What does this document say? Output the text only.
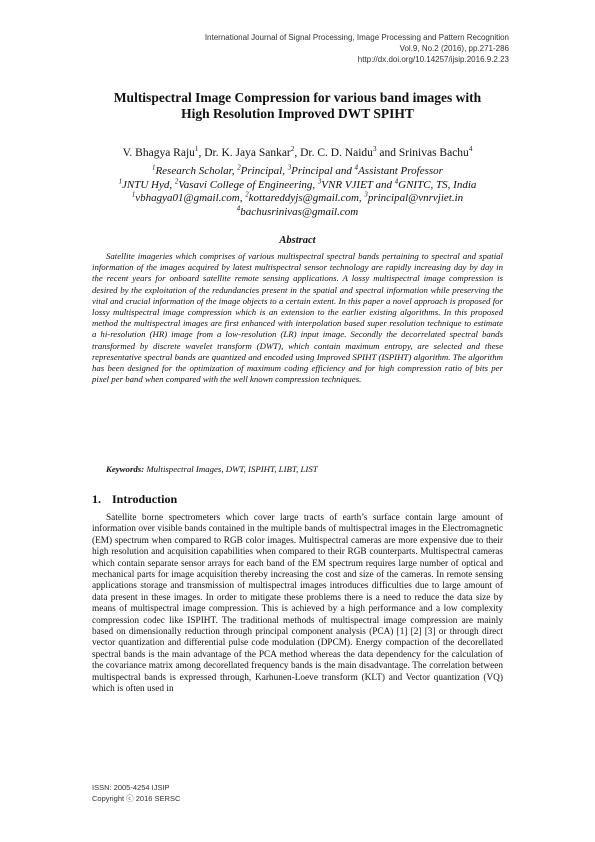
International Journal of Signal Processing, Image Processing and Pattern Recognition
Vol.9, No.2 (2016), pp.271-286
http://dx.doi.org/10.14257/ijsip.2016.9.2.23
Multispectral Image Compression for various band images with
High Resolution Improved DWT SPIHT
V. Bhagya Raju$^1$, Dr. K. Jaya Sankar$^2$, Dr. C. D. Naidu$^3$ and Srinivas Bachu$^4$
$^1$Research Scholar, $^2$Principal, $^3$Principal and $^4$Assistant Professor
$^1$JNTU Hyd, $^2$Vasavi College of Engineering, $^3$VNR VJIET and $^4$GNITC, TS, India
$^1$vbhagya01@gmail.com, $^2$kottareddyjs@gmail.com, $^3$principal@vnrvjiet.in
$^4$bachusrinivas@gmail.com
Abstract
Satellite imageries which comprises of various multispectral spectral bands pertaining to spectral and spatial information of the images acquired by latest multispectral sensor technology are rapidly increasing day by day in the recent years for onboard satellite remote sensing applications. A lossy multispectral image compression is desired by the exploitation of the redundancies present in the spatial and spectral information while preserving the vital and crucial information of the image objects to a certain extent. In this paper a novel approach is proposed for lossy multispectral image compression which is an extension to the earlier existing algorithms. In this proposed method the multispectral images are first enhanced with interpolation based super resolution technique to estimate a hi-resolution (HR) image from a low-resolution (LR) input image. Secondly the decorrelated spectral bands transformed by discrete wavelet transform (DWT), which contain maximum entropy, are selected and these representative spectral bands are quantized and encoded using Improved SPIHT (ISPIHT) algorithm. The algorithm has been designed for the optimization of maximum coding efficiency and for high compression ratio of bits per pixel per band when compared with the well known compression techniques.
Keywords: Multispectral Images, DWT, ISPIHT, LIBT, LIST
1. Introduction
Satellite borne spectrometers which cover large tracts of earth’s surface contain large amount of information over visible bands contained in the multiple bands of multispectral images in the Electromagnetic (EM) spectrum when compared to RGB color images. Multispectral cameras are more expensive due to their high resolution and acquisition capabilities when compared to their RGB counterparts. Multispectral cameras which contain separate sensor arrays for each band of the EM spectrum requires large number of optical and mechanical parts for image acquisition thereby increasing the cost and size of the cameras. In remote sensing applications storage and transmission of multispectral images introduces difficulties due to large amount of data present in these images. In order to mitigate these problems there is a need to reduce the data size by means of multispectral image compression. This is achieved by a high performance and a low complexity compression codec like ISPIHT. The traditional methods of multispectral image compression are mainly based on dimensionally reduction through principal component analysis (PCA) [1] [2] [3] or through direct vector quantization and differential pulse code modulation (DPCM). Energy compaction of the decorellated spectral bands is the main advantage of the PCA method whereas the data dependency for the calculation of the covariance matrix among decorellated frequency bands is the main disadvantage. The correlation between multispectral bands is expressed through, Karhunen-Loeve transform (KLT) and Vector quantization (VQ) which is often used in
ISSN: 2005-4254 IJSIP
Copyright ⓒ 2016 SERSC
